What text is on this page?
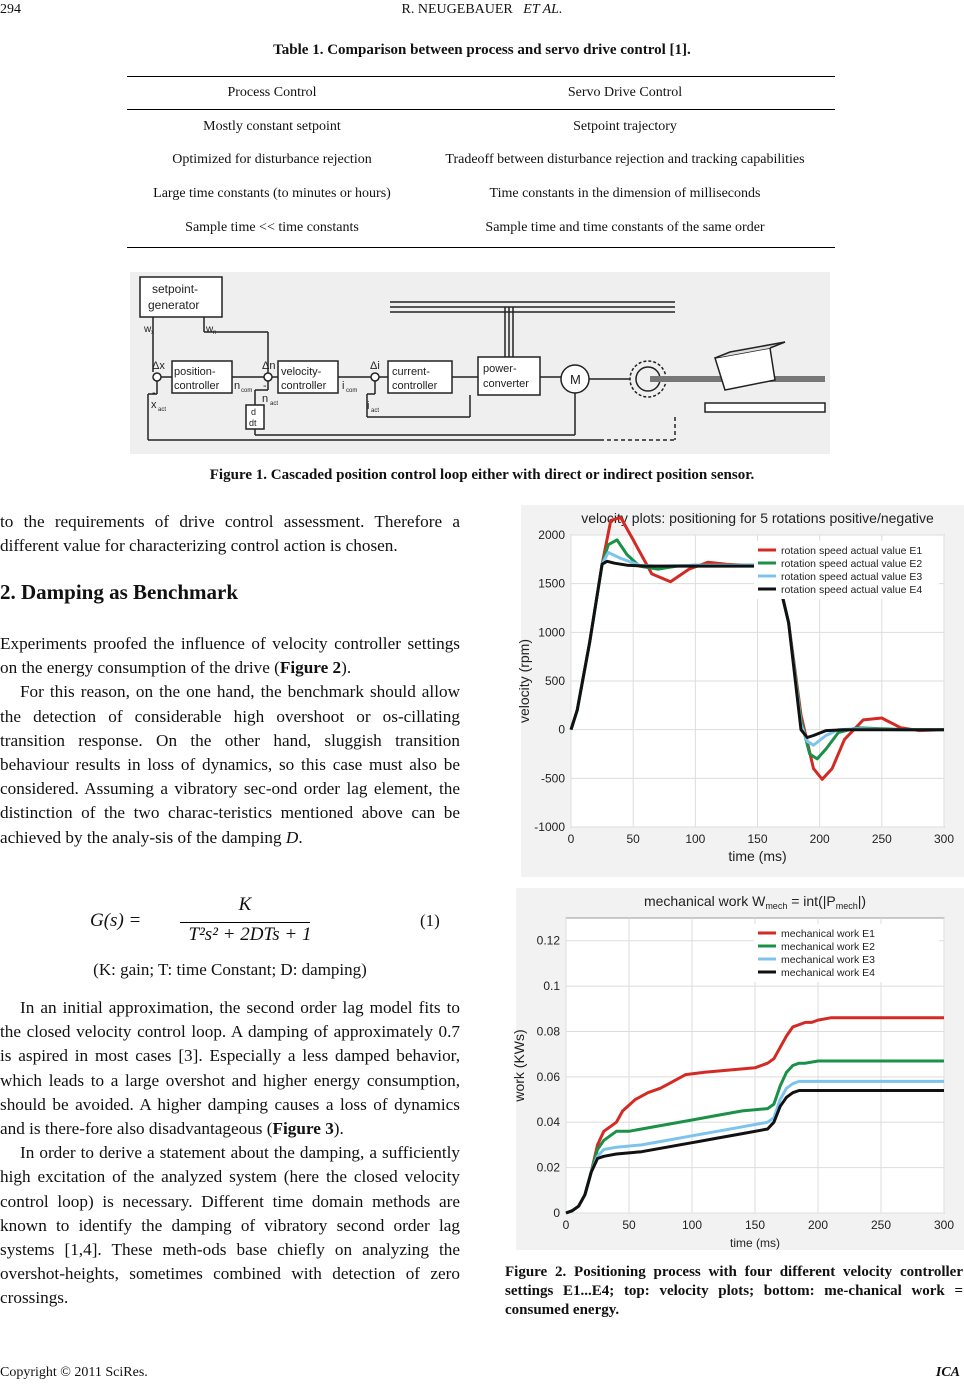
294	R. NEUGEBAUER ET AL.
Table 1. Comparison between process and servo drive control [1].
Process Control	Servo Drive Control
Mostly constant setpoint	Setpoint trajectory
Optimized for disturbance rejection	Tradeoff between disturbance rejection and tracking capabilities
Large time constants (to minutes or hours)	Time constants in the dimension of milliseconds
Sample time << time constants	Sample time and time constants of the same order
setpoint-
generator
position-
controller
velocity-
controller
current-
controller
power-
converter	M
d
dt
w x	w n
Δx	Δn	Δi
n com	i com
x act
n act	i act
-
-
-
Figure 1. Cascaded position control loop either with direct or indirect position sensor.

to the requirements of drive control assessment. Therefore a different value for characterizing control action is chosen.

2. Damping as Benchmark

Experiments proofed the influence of velocity controller settings on the energy consumption of the drive (Figure 2).

For this reason, on the one hand, the benchmark should allow the detection of considerable high overshoot or os-cillating transition response. On the other hand, sluggish transition behaviour results in loss of dynamics, so this case must also be considered. Assuming a vibratory sec-ond order lag element, the distinction of the two charac-teristics mentioned above can be achieved by the analy-sis of the damping D.

G(s) =
K
T²s² + 2DTs + 1
(1)
(K: gain; T: time Constant; D: damping)

In an initial approximation, the second order lag model fits to the closed velocity control loop. A damping of approximately 0.7 is aspired in most cases [3]. Especially a less damped behavior, which leads to a large overshot and higher energy consumption, should be avoided. A higher damping causes a loss of dynamics and is there-fore also disadvantageous (Figure 3).

In order to derive a statement about the damping, a sufficiently high excitation of the analyzed system (here the closed velocity control loop) is necessary. Different time domain methods are known to identify the damping of vibratory second order lag systems [1,4]. These meth-ods base chiefly on analyzing the overshot-heights, sometimes combined with detection of zero crossings.

0	50	100	150	200	250	300
-1000
-500
0
500
1000
1500
2000
velocity plots: positioning for 5 rotations positive/negative
time (ms)
velocity (rpm)
rotation speed actual value E1
rotation speed actual value E2
rotation speed actual value E3
rotation speed actual value E4
0	50	100	150	200	250	300
0
0.02
0.04
0.06
0.08
0.1
0.12
mechanical work $W_{mech} = int(|P_{mech}|)$
time (ms)
work (KWs)
mechanical work E1
mechanical work E2
mechanical work E3
mechanical work E4
Figure 2. Positioning process with four different velocity controller settings E1...E4; top: velocity plots; bottom: me-chanical work = consumed energy.
Copyright © 2011 SciRes.	ICA
